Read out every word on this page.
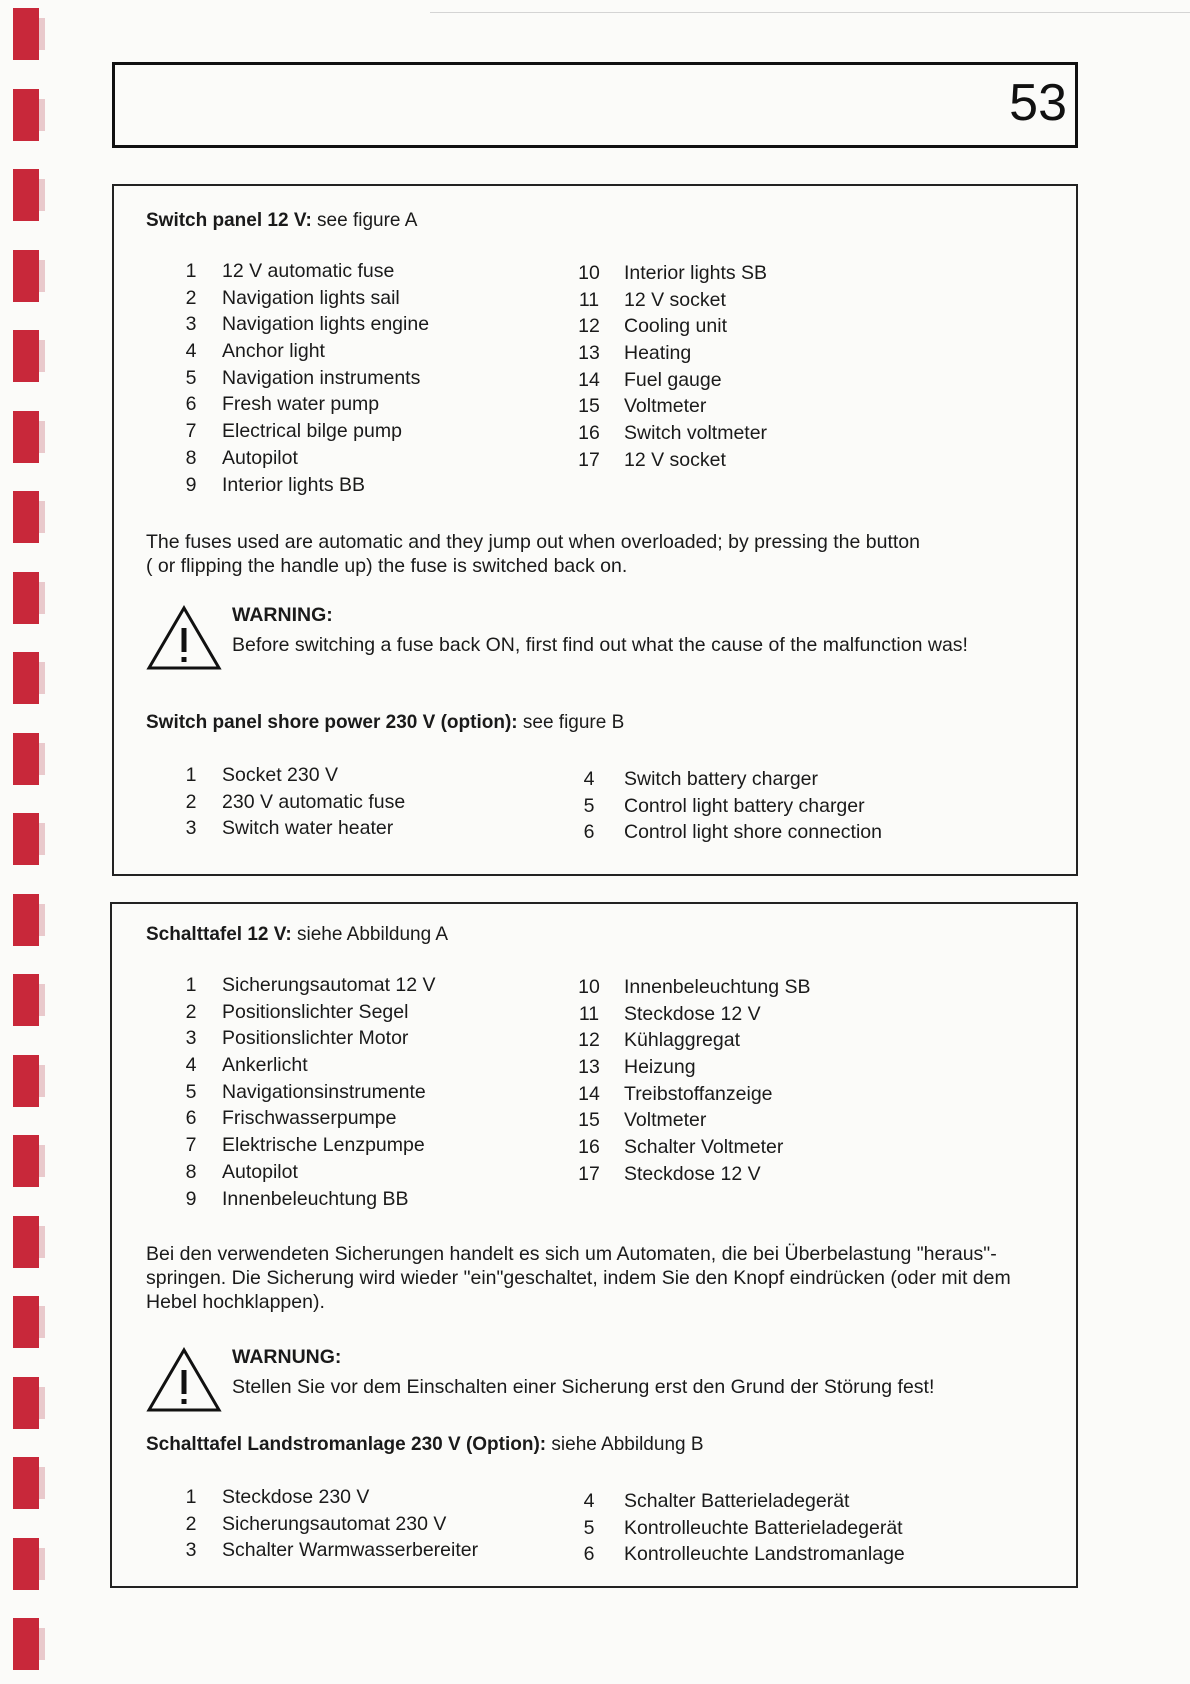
53
Switch panel 12 V: see figure A
1 12 V automatic fuse
2 Navigation lights sail
3 Navigation lights engine
4 Anchor light
5 Navigation instruments
6 Fresh water pump
7 Electrical bilge pump
8 Autopilot
9 Interior lights BB
10 Interior lights SB
11 12 V socket
12 Cooling unit
13 Heating
14 Fuel gauge
15 Voltmeter
16 Switch voltmeter
17 12 V socket
The fuses used are automatic and they jump out when overloaded; by pressing the button
( or flipping the handle up) the fuse is switched back on.
WARNING:
Before switching a fuse back ON, first find out what the cause of the malfunction was!
Switch panel shore power 230 V (option): see figure B
1 Socket 230 V
2 230 V automatic fuse
3 Switch water heater
4 Switch battery charger
5 Control light battery charger
6 Control light shore connection
Schalttafel 12 V: siehe Abbildung A
1 Sicherungsautomat 12 V
2 Positionslichter Segel
3 Positionslichter Motor
4 Ankerlicht
5 Navigationsinstrumente
6 Frischwasserpumpe
7 Elektrische Lenzpumpe
8 Autopilot
9 Innenbeleuchtung BB
10 Innenbeleuchtung SB
11 Steckdose 12 V
12 Kühlaggregat
13 Heizung
14 Treibstoffanzeige
15 Voltmeter
16 Schalter Voltmeter
17 Steckdose 12 V
Bei den verwendeten Sicherungen handelt es sich um Automaten, die bei Überbelastung "heraus"-
springen. Die Sicherung wird wieder "ein"geschaltet, indem Sie den Knopf eindrücken (oder mit dem
Hebel hochklappen).
WARNUNG:
Stellen Sie vor dem Einschalten einer Sicherung erst den Grund der Störung fest!
Schalttafel Landstromanlage 230 V (Option): siehe Abbildung B
1 Steckdose 230 V
2 Sicherungsautomat 230 V
3 Schalter Warmwasserbereiter
4 Schalter Batterieladegerät
5 Kontrolleuchte Batterieladegerät
6 Kontrolleuchte Landstromanlage
